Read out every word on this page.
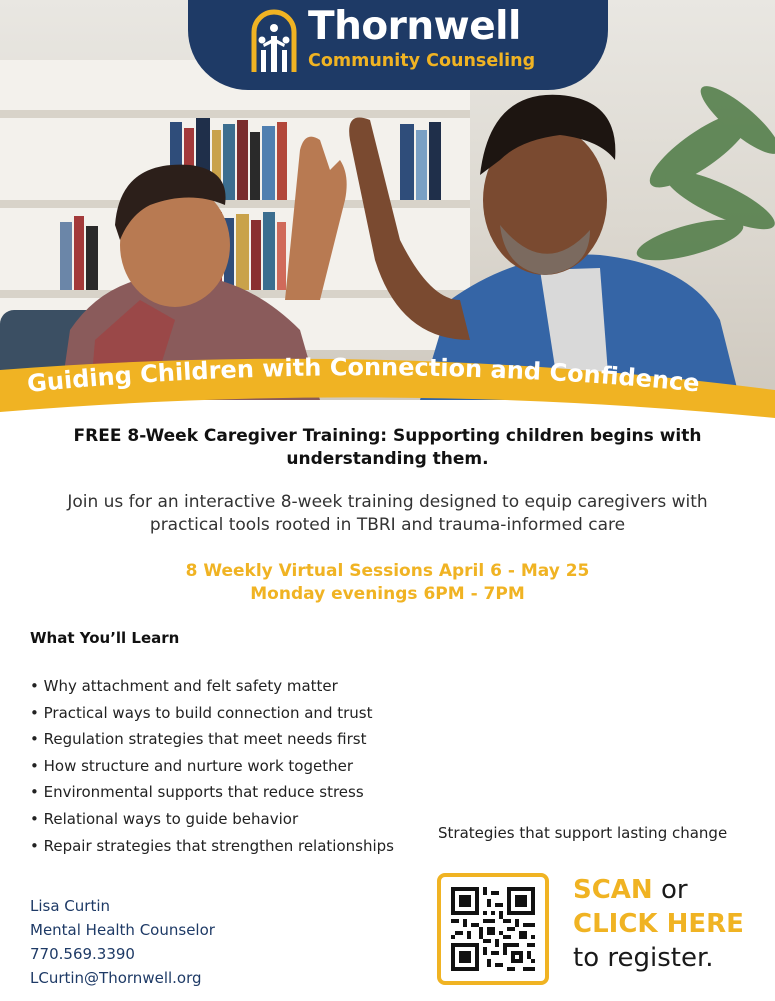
Thornwell
Community Counseling
Guiding Children with Connection and Confidence
FREE 8-Week Caregiver Training: Supporting children begins with understanding them.
Join us for an interactive 8-week training designed to equip caregivers with practical tools rooted in TBRI and trauma-informed care
8 Weekly Virtual Sessions April 6 - May 25
Monday evenings 6PM - 7PM
What You’ll Learn
• Why attachment and felt safety matter
• Practical ways to build connection and trust
• Regulation strategies that meet needs first
• How structure and nurture work together
• Environmental supports that reduce stress
• Relational ways to guide behavior
• Repair strategies that strengthen relationships
Lisa Curtin
Mental Health Counselor
770.569.3390
LCurtin@Thornwell.org
Strategies that support lasting change
SCAN or
CLICK HERE
to register.
